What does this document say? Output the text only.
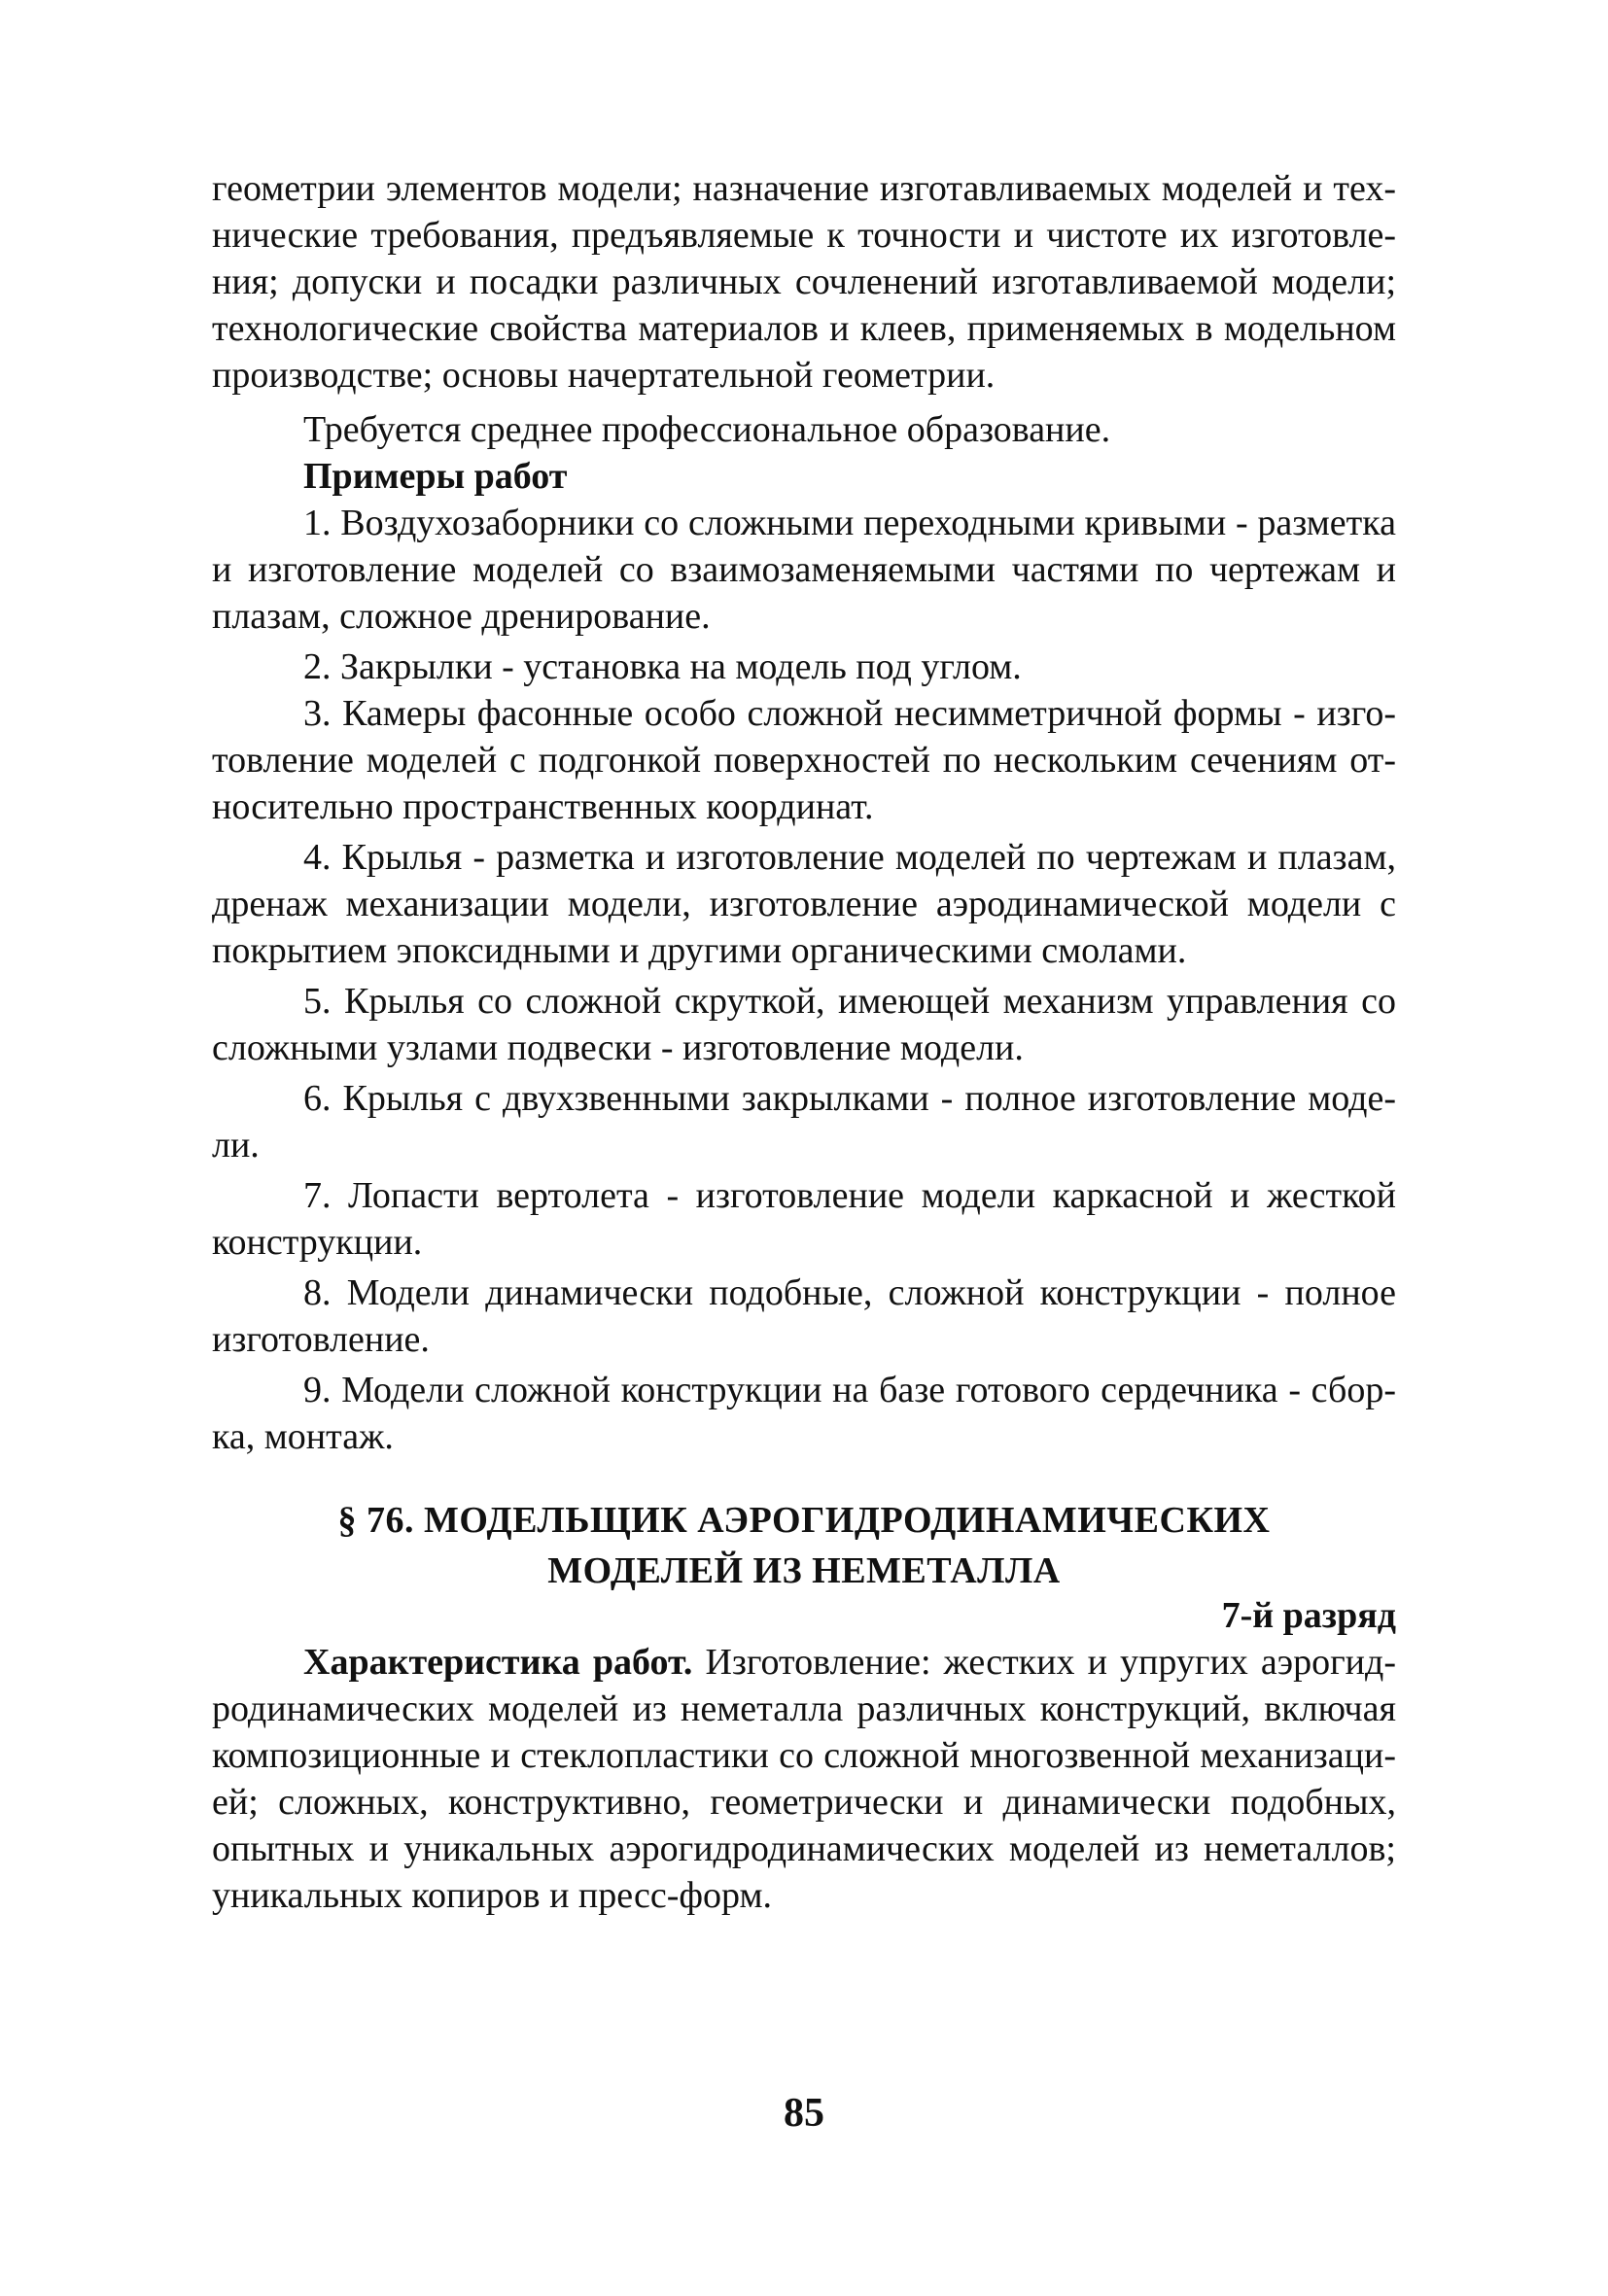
геометрии элементов модели; назначение изготавливаемых моделей и тех-

нические требования, предъявляемые к точности и чистоте их изготовле-

ния; допуски и посадки различных сочленений изготавливаемой модели;

технологические свойства материалов и клеев, применяемых в модельном

производстве; основы начертательной геометрии.

Требуется среднее профессиональное образование.

Примеры работ

1. Воздухозаборники со сложными переходными кривыми - разметка

и изготовление моделей со взаимозаменяемыми частями по чертежам и

плазам, сложное дренирование.

2. Закрылки - установка на модель под углом.

3. Камеры фасонные особо сложной несимметричной формы - изго-

товление моделей с подгонкой поверхностей по нескольким сечениям от-

носительно пространственных координат.

4. Крылья - разметка и изготовление моделей по чертежам и плазам,

дренаж механизации модели, изготовление аэродинамической модели с

покрытием эпоксидными и другими органическими смолами.

5. Крылья со сложной скруткой, имеющей механизм управления со

сложными узлами подвески - изготовление модели.

6. Крылья с двухзвенными закрылками - полное изготовление моде-

ли.

7. Лопасти вертолета - изготовление модели каркасной и жесткой

конструкции.

8. Модели динамически подобные, сложной конструкции - полное

изготовление.

9. Модели сложной конструкции на базе готового сердечника - сбор-

ка, монтаж.

§ 76. МОДЕЛЬЩИК АЭРОГИДРОДИНАМИЧЕСКИХ
МОДЕЛЕЙ ИЗ НЕМЕТАЛЛА
7-й разряд

Характеристика работ. Изготовление: жестких и упругих аэрогид-

родинамических моделей из неметалла различных конструкций, включая

композиционные и стеклопластики со сложной многозвенной механизаци-

ей; сложных, конструктивно, геометрически и динамически подобных,

опытных и уникальных аэрогидродинамических моделей из неметаллов;

уникальных копиров и пресс-форм.

85
